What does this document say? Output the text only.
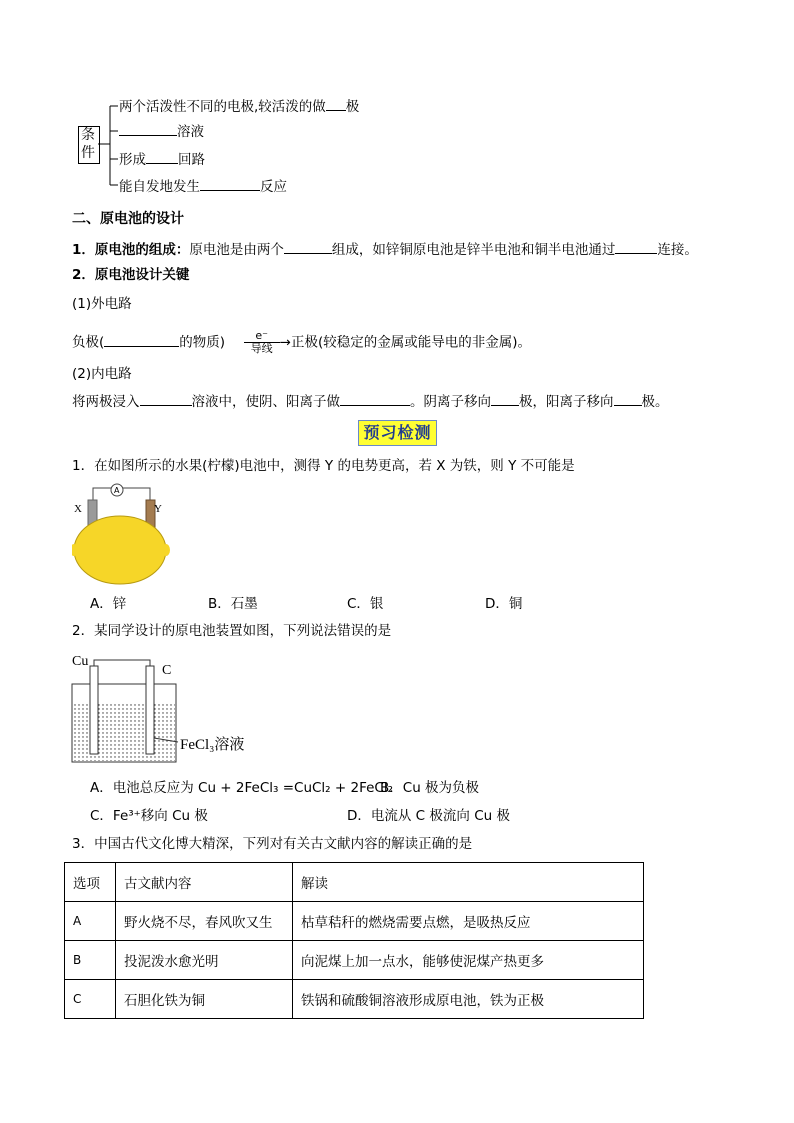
条
件
两个活泼性不同的电极,较活泼的做 极
溶液
形成 回路
能自发地发生	反应
二、原电池的设计
1．原电池的组成：原电池是由两个	组成，如锌铜原电池是锌半电池和铜半电池通过	连接。
2．原电池设计关键
(1)外电路
负极(	的物质) $\frac{e^-}{\text{导线}}$ →正极(较稳定的金属或能导电的非金属)。
(2)内电路
将两极浸入	溶液中，使阴、阳离子做	。阴离子移向 极，阳离子移向 极。
预习检测
1．在如图所示的水果(柠檬)电池中，测得 Y 的电势更高，若 X 为铁，则 Y 不可能是
A
X	Y
A．锌	B．石墨	C．银	D．铜
2．某同学设计的原电池装置如图，下列说法错误的是
Cu
C
FeCl₃溶液
A．电池总反应为 Cu + 2FeCl₃ =CuCl₂ + 2FeCl₂
B．Cu 极为负极
C．Fe³⁺移向 Cu 极	D．电流从 C 极流向 Cu 极
3．中国古代文化博大精深，下列对有关古文献内容的解读正确的是
选项	古文献内容	解读
A	野火烧不尽，春风吹又生	枯草秸秆的燃烧需要点燃，是吸热反应
B	投泥泼水愈光明	向泥煤上加一点水，能够使泥煤产热更多
C	石胆化铁为铜	铁锅和硫酸铜溶液形成原电池，铁为正极
